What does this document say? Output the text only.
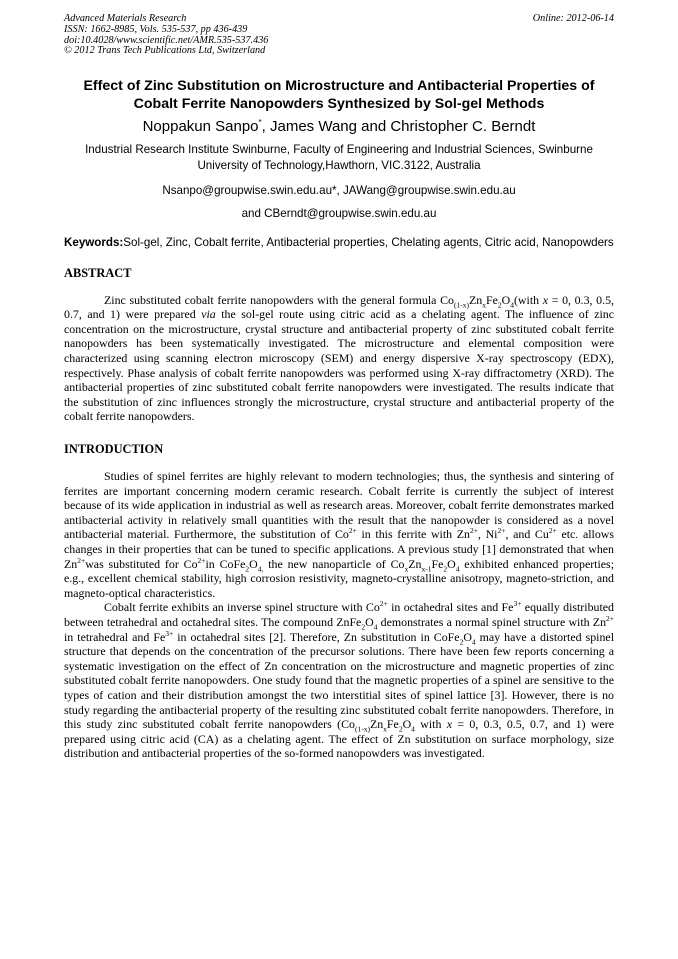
Advanced Materials Research
ISSN: 1662-8985, Vols. 535-537, pp 436-439
doi:10.4028/www.scientific.net/AMR.535-537.436
© 2012 Trans Tech Publications Ltd, Switzerland
Online: 2012-06-14
Effect of Zinc Substitution on Microstructure and Antibacterial Properties of Cobalt Ferrite Nanopowders Synthesized by Sol-gel Methods
Noppakun Sanpo*, James Wang and Christopher C. Berndt
Industrial Research Institute Swinburne, Faculty of Engineering and Industrial Sciences, Swinburne University of Technology,Hawthorn, VIC.3122, Australia
Nsanpo@groupwise.swin.edu.au*, JAWang@groupwise.swin.edu.au
and CBerndt@groupwise.swin.edu.au
Keywords:Sol-gel, Zinc, Cobalt ferrite, Antibacterial properties, Chelating agents, Citric acid, Nanopowders
ABSTRACT

Zinc substituted cobalt ferrite nanopowders with the general formula $Co_{(1-x)}Zn_xFe_2O_4(with$ x = 0, 0.3, 0.5, 0.7, and 1) were prepared via the sol-gel route using citric acid as a chelating agent. The influence of zinc concentration on the microstructure, crystal structure and antibacterial property of zinc substituted cobalt ferrite nanopowders has been systematically investigated. The microstructure and elemental composition were characterized using scanning electron microscopy (SEM) and energy dispersive X-ray spectroscopy (EDX), respectively. Phase analysis of cobalt ferrite nanopowders was performed using X-ray diffractometry (XRD). The antibacterial properties of zinc substituted cobalt ferrite nanopowders were investigated. The results indicate that the substitution of zinc influences strongly the microstructure, crystal structure and antibacterial property of the cobalt ferrite nanopowders.

INTRODUCTION

Studies of spinel ferrites are highly relevant to modern technologies; thus, the synthesis and sintering of ferrites are important concerning modern ceramic research. Cobalt ferrite is currently the subject of interest because of its wide application in industrial as well as research areas. Moreover, cobalt ferrite demonstrates marked antibacterial activity in relatively small quantities with the result that the nanopowder is considered as a novel antibacterial material. Furthermore, the substitution of $Co^{2+}$ in this ferrite with $Zn^{2+}$, $Ni^{2+}$, and $Cu^{2+}$ etc. allows changes in their properties that can be tuned to specific applications. A previous study [1] demonstrated that when $Zn^{2+}was$ substituted for $Co^{2+}in$ $CoFe_2O_{4,}$ the new nanoparticle of $Co_xZn_{x-1}Fe_2O_4$ exhibited enhanced properties; e.g., excellent chemical stability, high corrosion resistivity, magneto-crystalline anisotropy, magneto-striction, and magneto-optical characteristics.

Cobalt ferrite exhibits an inverse spinel structure with $Co^{2+}$ in octahedral sites and $Fe^{3+}$ equally distributed between tetrahedral and octahedral sites. The compound $ZnFe_2O_4$ demonstrates a normal spinel structure with $Zn^{2+}$ in tetrahedral and $Fe^{3+}$ in octahedral sites [2]. Therefore, Zn substitution in $CoFe_2O_4$ may have a distorted spinel structure that depends on the concentration of the precursor solutions. There have been few reports concerning a systematic investigation on the effect of Zn concentration on the microstructure and magnetic properties of zinc substituted cobalt ferrite nanopowders. One study found that the magnetic properties of a spinel are sensitive to the types of cation and their distribution amongst the two interstitial sites of spinel lattice [3]. However, there is no study regarding the antibacterial property of the resulting zinc substituted cobalt ferrite nanopowders. Therefore, in this study zinc substituted cobalt ferrite nanopowders ($Co_{(1-x)}Zn_xFe_2O_4$ with x = 0, 0.3, 0.5, 0.7, and 1) were prepared using citric acid (CA) as a chelating agent. The effect of Zn substitution on surface morphology, size distribution and antibacterial properties of the so-formed nanopowders was investigated.
